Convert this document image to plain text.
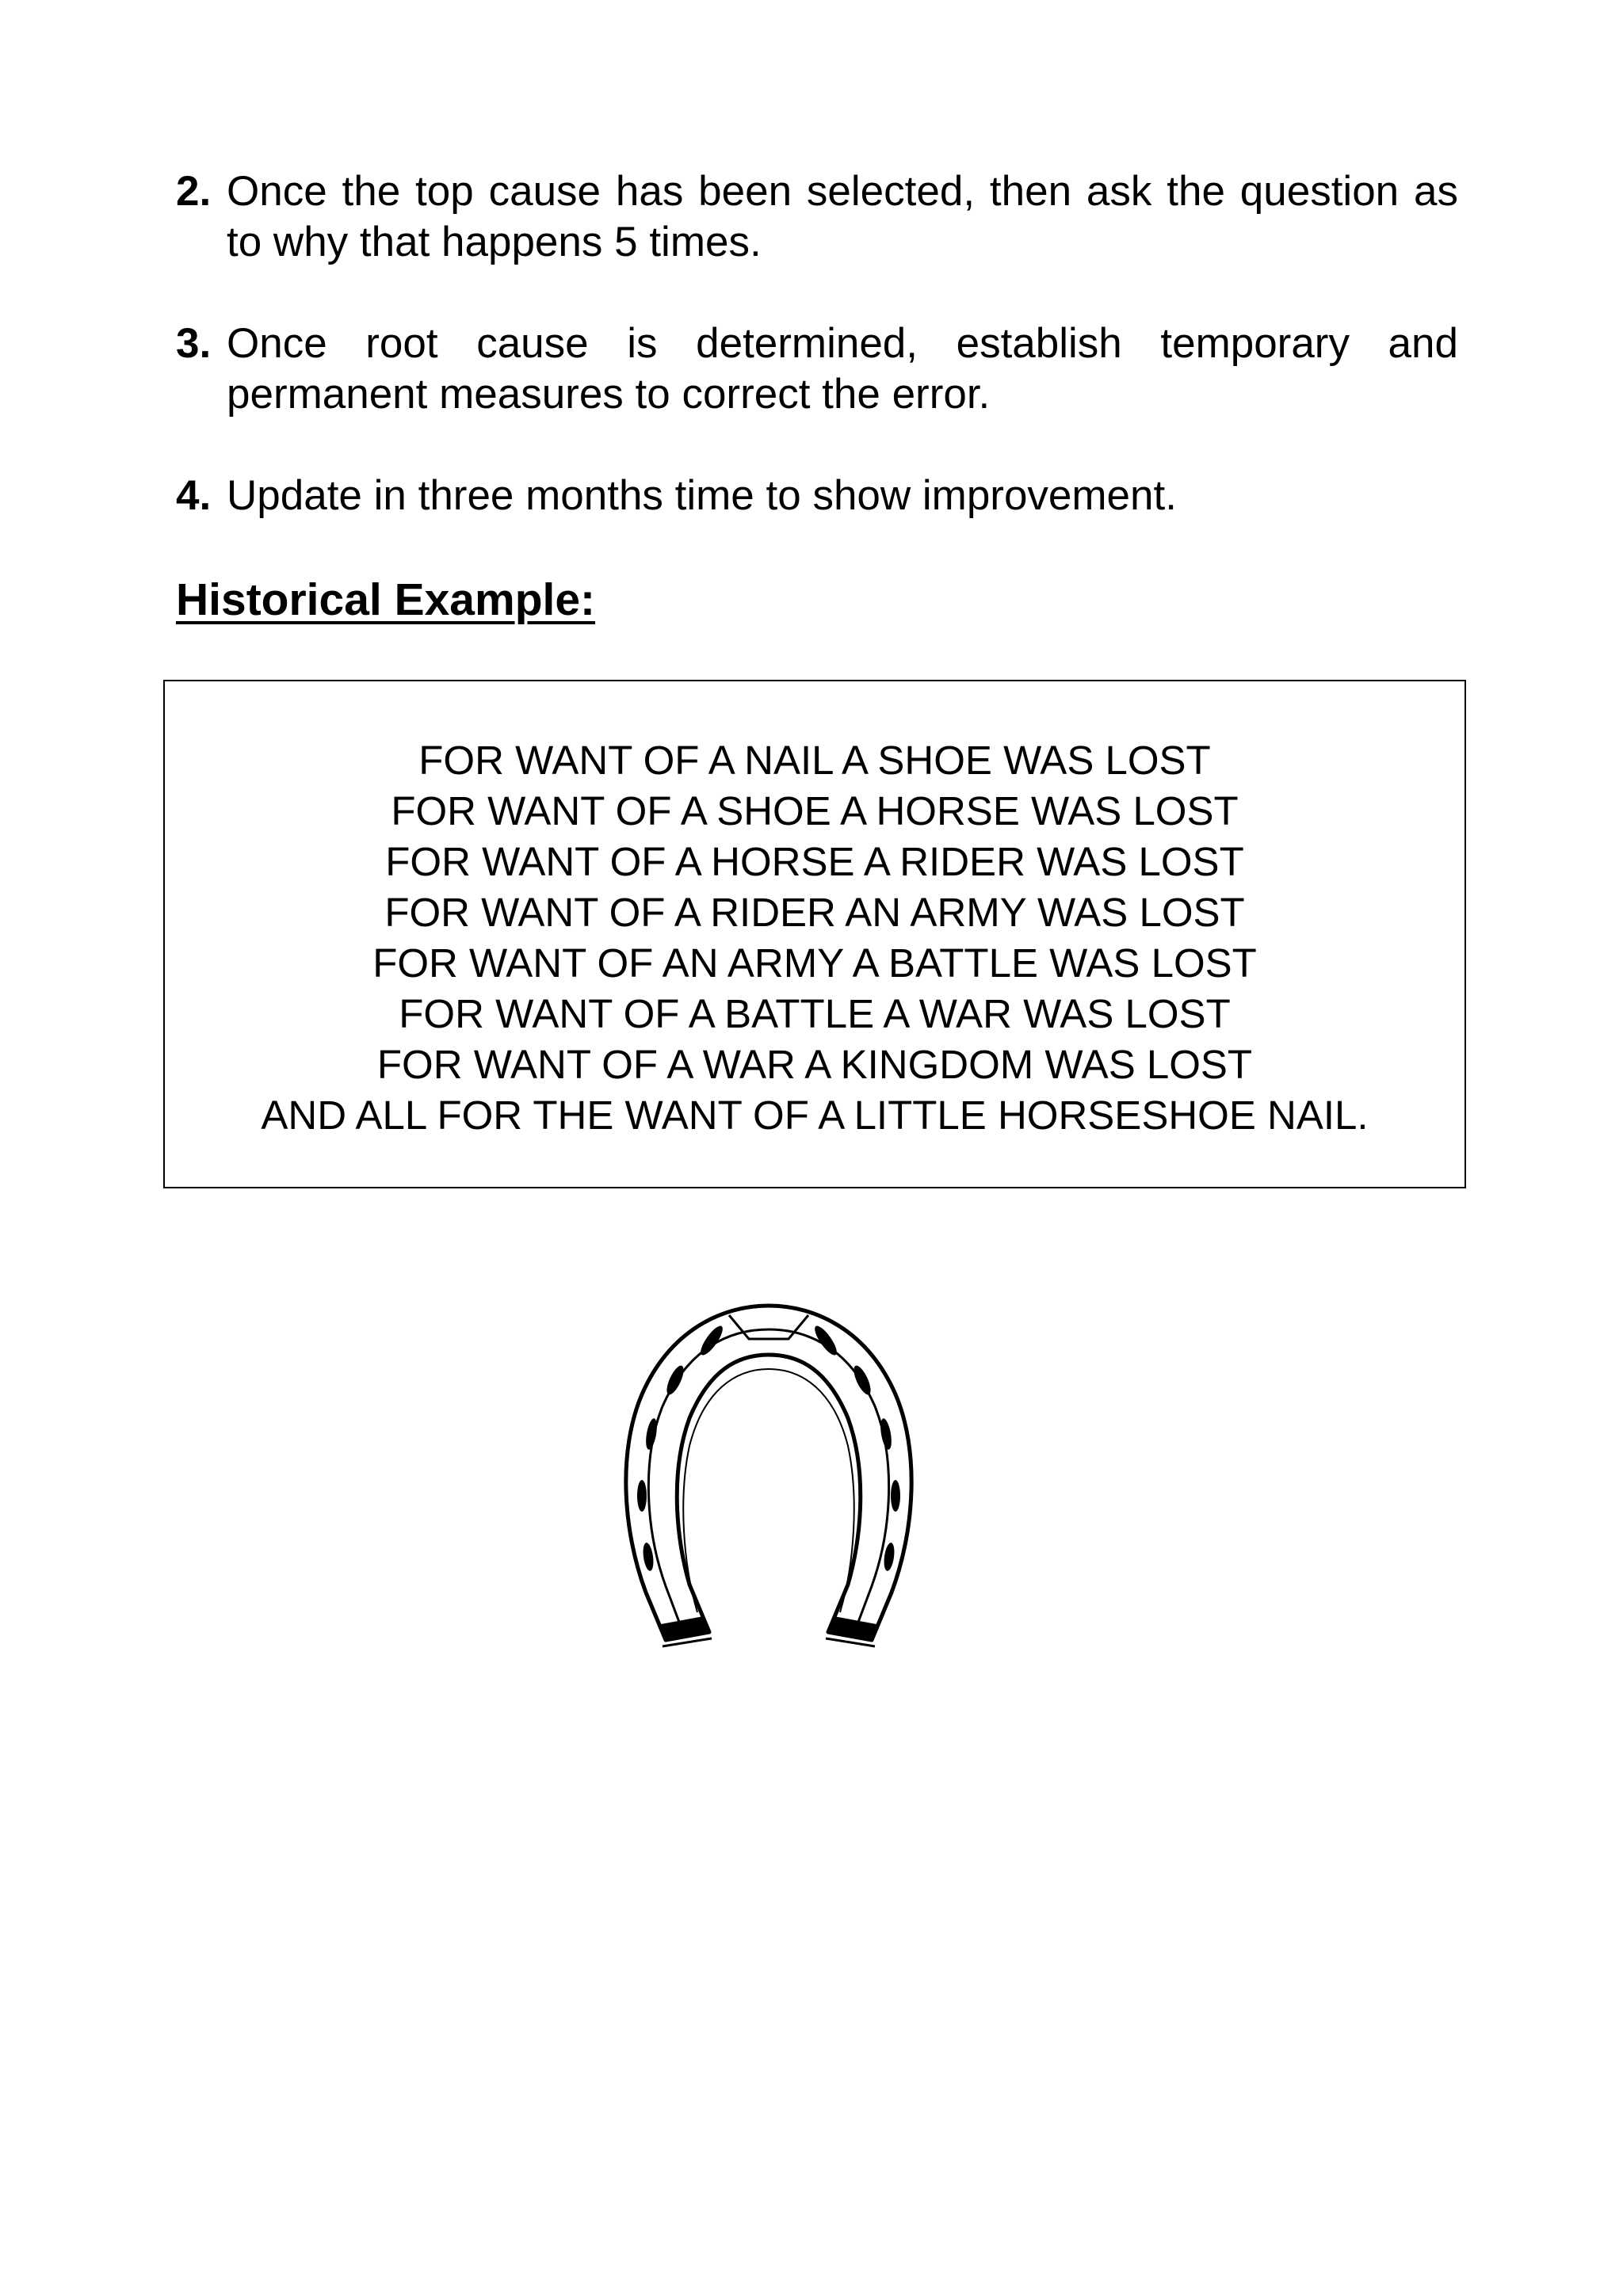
2. Once the top cause has been selected, then ask the question as to why that happens 5 times.
3. Once root cause is determined, establish temporary and permanent measures to correct the error.
4. Update in three months time to show improvement.
Historical Example:
FOR WANT OF A NAIL A SHOE WAS LOST
FOR WANT OF A SHOE A HORSE WAS LOST
FOR WANT OF A HORSE A RIDER WAS LOST
FOR WANT OF A RIDER AN ARMY WAS LOST
FOR WANT OF AN ARMY A BATTLE WAS LOST
FOR WANT OF A BATTLE A WAR WAS LOST
FOR WANT OF A WAR A KINGDOM WAS LOST
AND ALL FOR THE WANT OF A LITTLE HORSESHOE NAIL.
